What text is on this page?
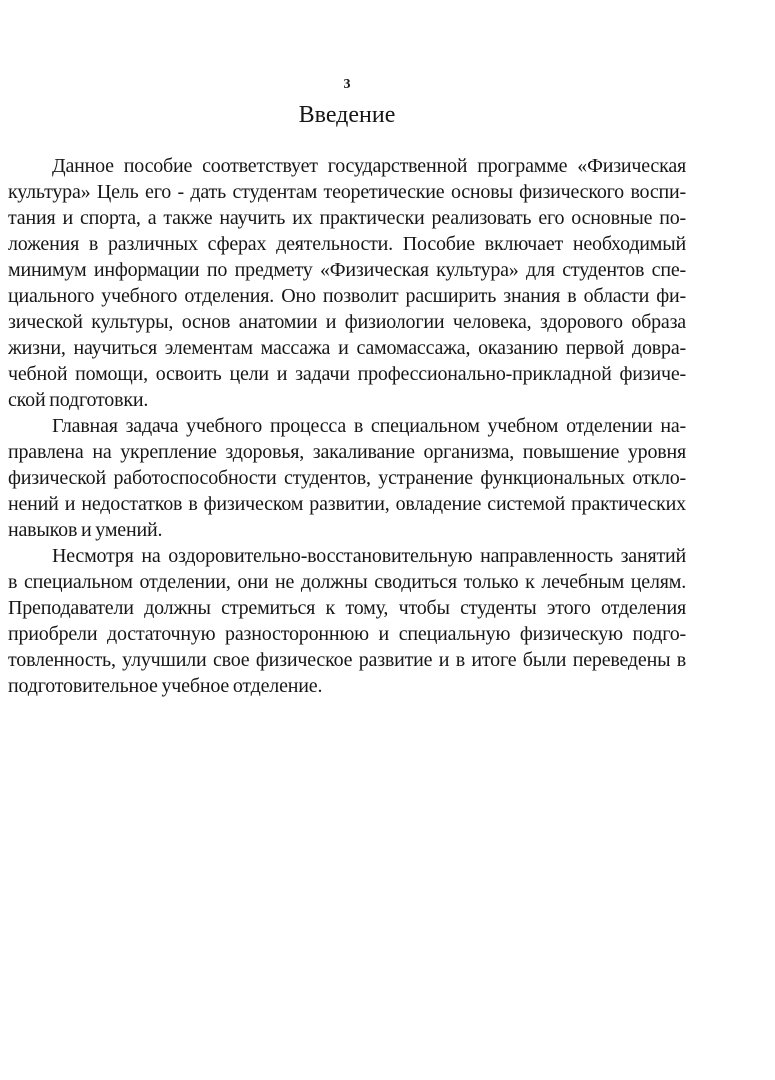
3
Введение
Данное пособие соответствует государственной программе «Физическая
культура» Цель его - дать студентам теоретические основы физического воспи-
тания и спорта, а также научить их практически реализовать его основные по-
ложения в различных сферах деятельности. Пособие включает необходимый
минимум информации по предмету «Физическая культура» для студентов спе-
циального учебного отделения. Оно позволит расширить знания в области фи-
зической культуры, основ анатомии и физиологии человека, здорового образа
жизни, научиться элементам массажа и самомассажа, оказанию первой довра-
чебной помощи, освоить цели и задачи профессионально-прикладной физиче-
ской подготовки.
Главная задача учебного процесса в специальном учебном отделении на-
правлена на укрепление здоровья, закаливание организма, повышение уровня
физической работоспособности студентов, устранение функциональных откло-
нений и недостатков в физическом развитии, овладение системой практических
навыков и умений.
Несмотря на оздоровительно-восстановительную направленность занятий
в специальном отделении, они не должны сводиться только к лечебным целям.
Преподаватели должны стремиться к тому, чтобы студенты этого отделения
приобрели достаточную разностороннюю и специальную физическую подго-
товленность, улучшили свое физическое развитие и в итоге были переведены в
подготовительное учебное отделение.
